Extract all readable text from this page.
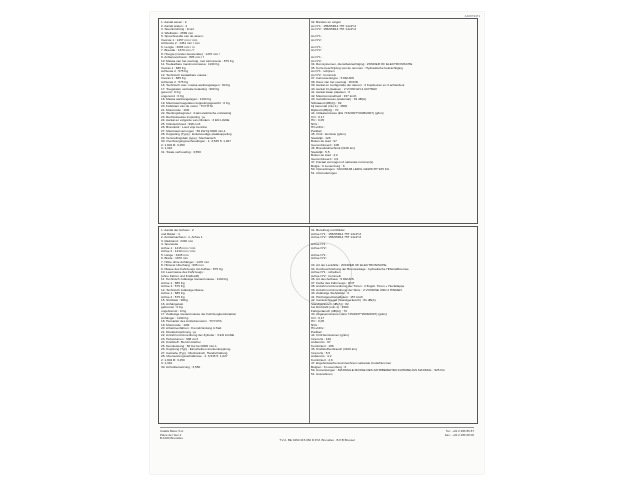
A10073471
1. Aantal assen : 2
2. Aantal wielen : 4
3. Stuurinrichting : Front
4. Wielbasis : 2599 mm
5. Spoorbreedte van de assen :
Voorste 1 : 1457 mm / mm
Achterste 2 : 1451 mm / mm
6. Lengte : 3695 mm / m
7. Breedte : 1670 mm / f
8. Hoogte (zonder deceleratie) : 1470 mm /
9. Achteroverbouw : 805 mm / f
10. Massa van het voertuig, met carrosserie : 875 Kg
11. Toelaatbare maximummassa : 1190 Kg
Vooras 1 : 685 Kg
Achteras 2 : 575 Kg
12. Technisch toelaatbare massa :
Vooras 1 : 685 Kg
Achteras 2 : 575 Kg
16. Technisch max. massa aanhangwagen : 90 Kg
17. Toegelaten verticale belasting : 900 Kg
geremd : 0 Kg
ongeremd : 0 Kg
18. Massa aanhangwagen : 1190 Kg
19. Maximaal toegelaten koppelingsgewicht : 0 Kg
20. Fabrikant van de motor : TOYOTA
21. Motorcode : 1KR
22. Werkingsbeginsel : 4 takt elektrische ontsteking
23. Rechtstreekse inspuiting : ja
24. Aantal en volgorde van cilinders : 3 EN LIGNE
25. Cilinderinhoud : 998 cm3
26. Brandstof : Lood vrije benzine
27. Maximaal vermogen : 50 kW bij 6000 min-1
28. Koppeling (Type) : Enkelvoudige plaatkoppeling
29. Versnellingsbak (type) : Mechanisch
30. Overbrengingsverhoudingen : 1: 3,545 5: 1,027
2: 1,904 R: 3,250
3: 1,310
31. Totale verhouding : 3,550
32. Banden en velgen
As N°1 : 155/65R14 75T 14x4½J
As N°2 : 155/65R14 75T 14x4½J

As N°1 :
As N°2 :

As N°1 :
As N°2 :

As N°1 :
As N°2 :
34. Remsystemen, dienstbekrachtiging : ZONDER OF ELECTRONISCHE
35. Korte beschrijving van de remmen : Hydraulische bekrachtiging
As N°1 : schijven
As N°2 : trommels
37. Carrosserietype : 5 DEURS
38. Kleur van het voertuig : ROOD
39. Aantal en configuratie der deuren : 2 Kopdeuren en 2 achterdeur
40. Aantal zit plaatsen : 2 VOOR EN 2 ACHTER
41. Aantal staan plaatsen : 0
42. Maximumsnelheid : 157 km/h
43. Geluidsniveau (stationair) : 81 dB(A)
Stilstaand (dB(A)) : 82
bij toerental (min-1) : 4500
Rijdend (dB(A)) : 70
44. Uitlaatemissies (EG 715/2007*2008/2007) (g/km)
CO : 0,17
HC : 0,05
NOx :
HC+NOx :
Partikel:
45. CO2 - Emissie (g/km)
Stedelijk : 126
Buiten de stad : 97
Gecombineerd : 108
46. Brandstofverbruik (l/100 km)
Stedelijk : 5,5
Buiten de stad : 4,2
Gecombineerd : 4,6
47. Fiscaal vermogen of nationale nummer(s)
Belgie : 6 Luxemburg : 6
50. Opmerkingen : MAXIMUM LEDIG GEWICHT 925 KG
51. Uitzonderingen
1. Aantal der Achsen : 2
und Räder : 4
2. Antriebsachsen : 1, Achse 1
3. Radstand : 2340 mm
4. Spurweite
Achse 1 : 1415 mm / mm
Achse 2 : 1410 mm / mm
5. Länge : 3435 mm
6. Breite : 1670 mm
7. Höhe ohne Anhänger : 1470 mm
8. Hinterer Überhang : 665 mm
9. Masse des Fahrzeugs mit Aufbau : 875 Kg
10. Leermasse des Fahrzeugs :
(ohne Fahrer und Kraftstoff)
11. Technisch zulässige Gesamtmasse : 1190 Kg
Achse 1 : 685 Kg
Achse 2 : 575 Kg
12. Technisch zulässige Masse
Achse 1 : 685 Kg
Achse 2 : 575 Kg
15. Stützlast : 90Kg
16. Anhängelast
gebremst : 0 Kg
ungebremst : 0 Kg
17. Zulässige Gesamtmasse der Fahrzeugkombination
Anhänger : 1190 Kg
18. Hersteller des Antriebsmotors : TOYOTA
19. Motorcode : 1KR
20. Arbeitsverfahren : Fremdzündung 4-Takt
21. Direkteinspritzung : ja
22. Anzahl und Anordnung der Zylinder : 3 EN LIGNE
23. Hubvolumen : 998 cm3
24. Kraftstoff : Benzin bleifrei
25. Nennleistung : 50 Kw bei 6000 min-1
26. Kupplung (Typ) : Einscheiben-trockenkupplung
27. Getriebe (Typ) : Mechanisch, Handschaltung
28. Übersetzungsverhältnisse : 1: 3,545 5: 1,027
2: 1,904 R: 3,250
3: 1,310
30. Achsübersetzung : 3,550
31. Bereifung und Räder
Achse N°1 : 155/65R14 75T 14x4½J
Achse N°2 : 155/65R14 75T 14x4½J

Achse N°1 :
Achse N°2 :

Achse N°1 :
Achse N°2 :

33. Art der Lenkhilfe : ZONDER OF ELECTRONISCHE
34. Kurzbeschreibung der Bremsanlage : hydraulische Hilfskraftbremse
Achse N°1 : scheiben
Achse N°2 : trommeln
36. Art des Aufbaus : 5 DEURS
37. Farbe des Fahrzeugs : ROT
38. Anzahl und Anordnung der Türen : 2 flügelt. Türen + Heckklappe
39. Anzahl und Anordnung der Sitze : 2 VOORNE UND 2 HINDEN
40. Zulässige Stehplätze : 0
41. Höchstgeschwindigkeit : 157 km/h
42. Geräuschpegel (Standgeräusch) : 81 dB(A)
Standgeräusch (dB(A)) : 82
bei Drehzahl (min-1) : 4500
Fahrgeräusch (dB(A)) : 70
43. Abgasemissionen (EG 715/2007*2008/2007) (g/km)
CO : 0,17
HC : 0,05
NOx :
HC+NOx :
Partikel:
44. CO2 Emissionen (g/km)
Innerorts : 126
Außerorts : 97
Kombiniert : 108
45. Kraftstoffverbrauch (l/100 km)
Innerorts : 5,5
Außerorts : 4,2
Kombiniert : 4,6
47. Ergebniswerbe kennzeichnen nationale Code/Nummer
Belgien : 6 Luxemburg : 6
50. Anmerkungen : MAXIMALE MASSE DES FAHRBEREITEN FAHRZEUGS MAXIMAL : 925 KG
51. Ausnahmen
Catalis Belux S.A.
Place de l'Iser 2
B-1000 Bruxelles
Tel.: +32 2 286 86 87
Fax.: +32 2 286 08 00
T.V.A. BE 0460.315.060 R.P.M. Bruxelles · B.P.B Brussel
